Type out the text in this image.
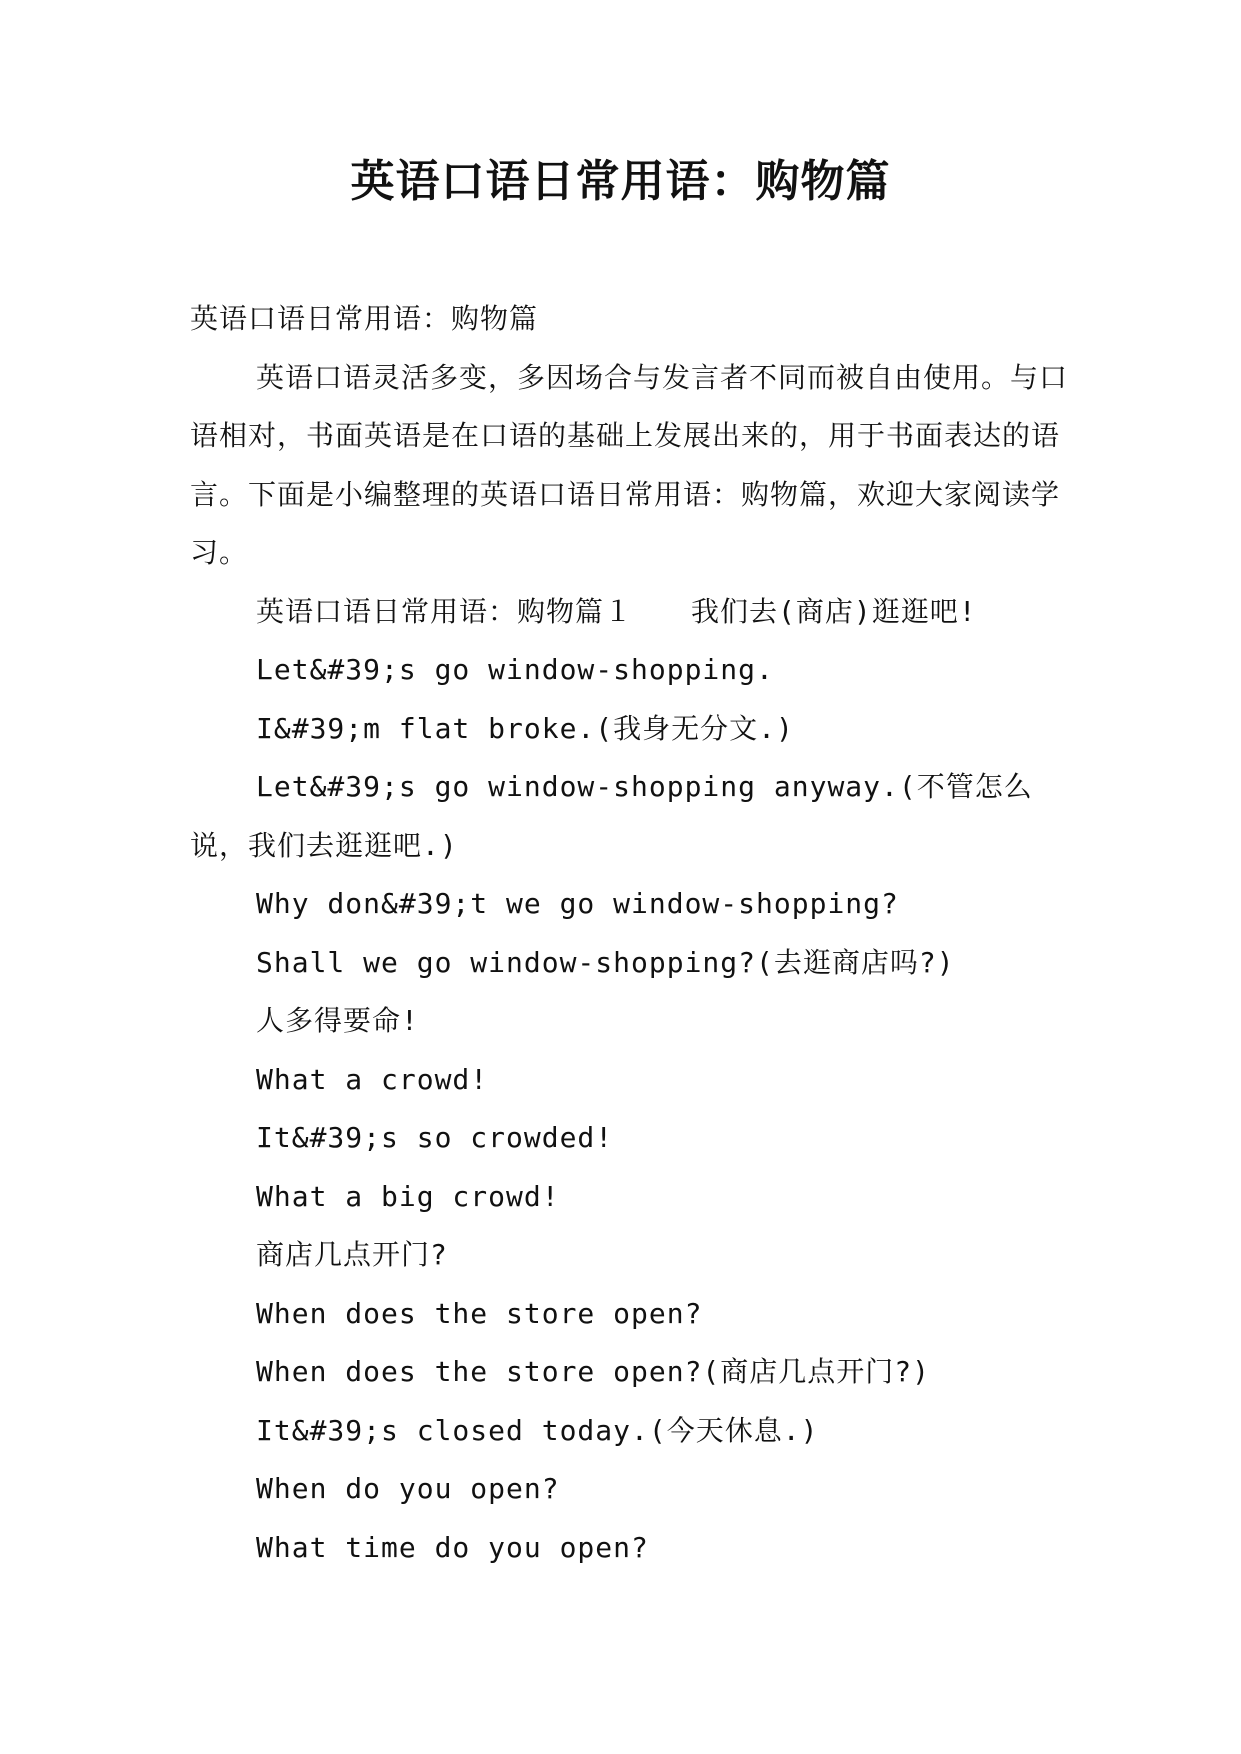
英语口语日常用语：购物篇

英语口语日常用语：购物篇

英语口语灵活多变，多因场合与发言者不同而被自由使用。与口语相对，书面英语是在口语的基础上发展出来的，用于书面表达的语言。下面是小编整理的英语口语日常用语：购物篇，欢迎大家阅读学习。

英语口语日常用语：购物篇１　　我们去(商店)逛逛吧!

Let&#39;s go window-shopping.

I&#39;m flat broke.(我身无分文.)

Let&#39;s go window-shopping anyway.(不管怎么说，我们去逛逛吧.)

Why don&#39;t we go window-shopping?

Shall we go window-shopping?(去逛商店吗?)

人多得要命!

What a crowd!

It&#39;s so crowded!

What a big crowd!

商店几点开门?

When does the store open?

When does the store open?(商店几点开门?)

It&#39;s closed today.(今天休息.)

When do you open?

What time do you open?
